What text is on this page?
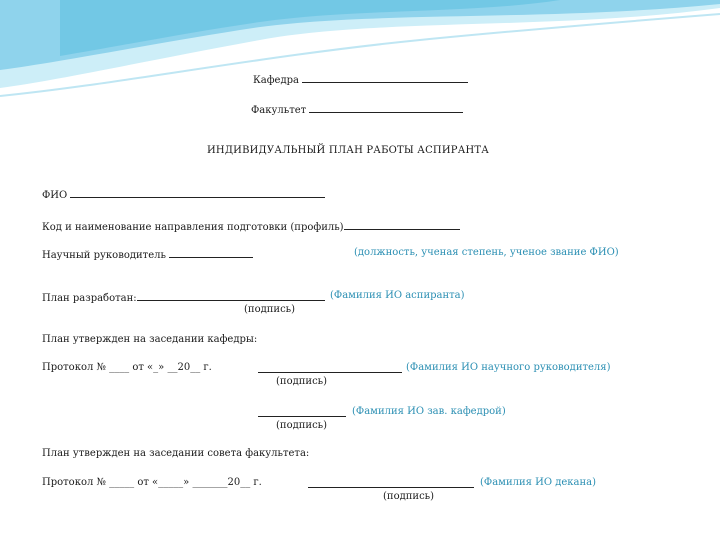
Кафедра
Факультет
ИНДИВИДУАЛЬНЫЙ ПЛАН РАБОТЫ АСПИРАНТА
ФИО
Код и наименование направления подготовки (профиль)
Научный руководитель	(должность, ученая степень, ученое звание ФИО)
План разработан:	(Фамилия ИО аспиранта)
(подпись)
План утвержден на заседании кафедры:
Протокол № ____ от «_» __20__ г.	(Фамилия ИО научного руководителя)
(подпись)
(Фамилия ИО зав. кафедрой)
(подпись)
План утвержден на заседании совета факультета:
Протокол № _____ от «_____» _______20__ г.	(Фамилия ИО декана)
(подпись)
